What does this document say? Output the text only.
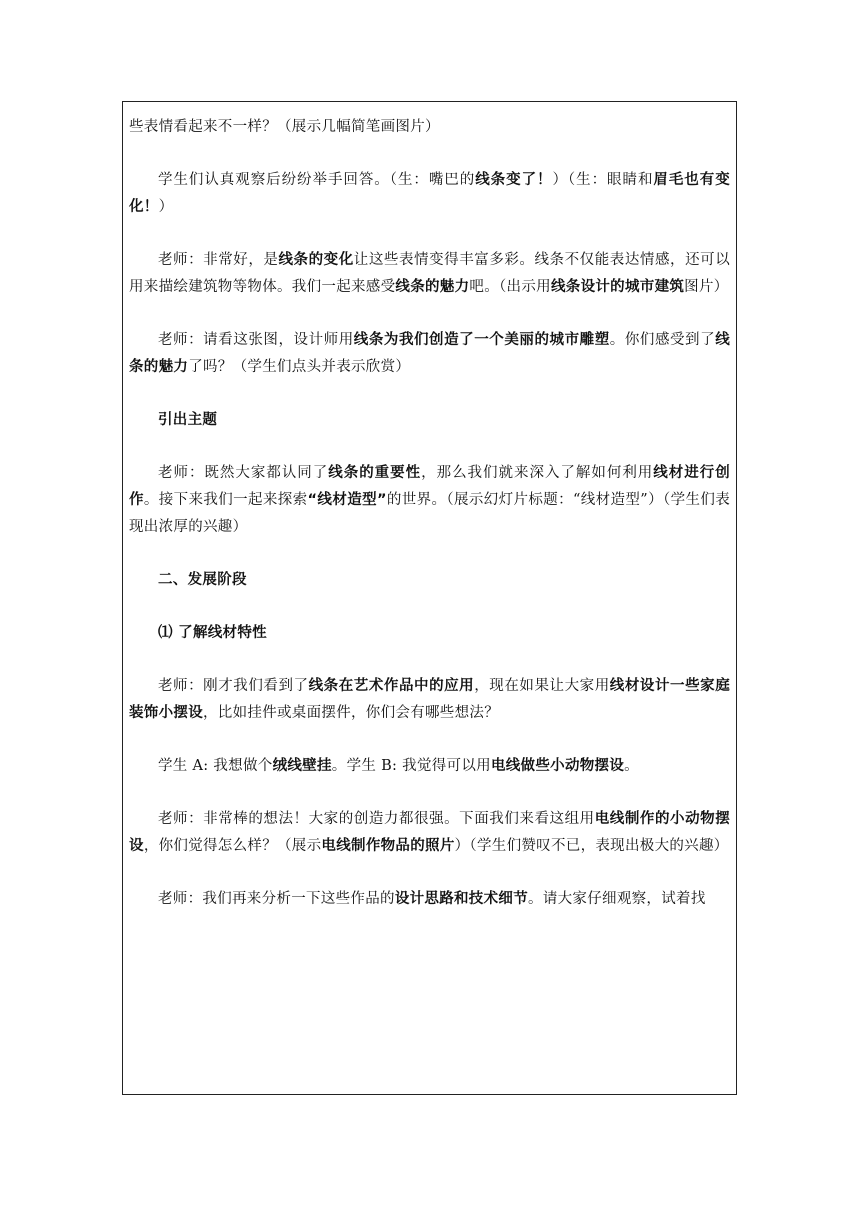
些表情看起来不一样？（展示几幅简笔画图片）

学生们认真观察后纷纷举手回答。（生：嘴巴的线条变了！）（生：眼睛和眉毛也有变化！）

老师：非常好，是线条的变化让这些表情变得丰富多彩。线条不仅能表达情感，还可以用来描绘建筑物等物体。我们一起来感受线条的魅力吧。（出示用线条设计的城市建筑图片）

老师：请看这张图，设计师用线条为我们创造了一个美丽的城市雕塑。你们感受到了线条的魅力了吗？（学生们点头并表示欣赏）

引出主题

老师：既然大家都认同了线条的重要性，那么我们就来深入了解如何利用线材进行创作。接下来我们一起来探索“线材造型”的世界。（展示幻灯片标题：“线材造型”）（学生们表现出浓厚的兴趣）

二、发展阶段

⑴ 了解线材特性

老师：刚才我们看到了线条在艺术作品中的应用，现在如果让大家用线材设计一些家庭装饰小摆设，比如挂件或桌面摆件，你们会有哪些想法？

学生 A: 我想做个绒线壁挂。学生 B: 我觉得可以用电线做些小动物摆设。

老师：非常棒的想法！大家的创造力都很强。下面我们来看这组用电线制作的小动物摆设，你们觉得怎么样？（展示电线制作物品的照片）（学生们赞叹不已，表现出极大的兴趣）

老师：我们再来分析一下这些作品的设计思路和技术细节。请大家仔细观察，试着找
